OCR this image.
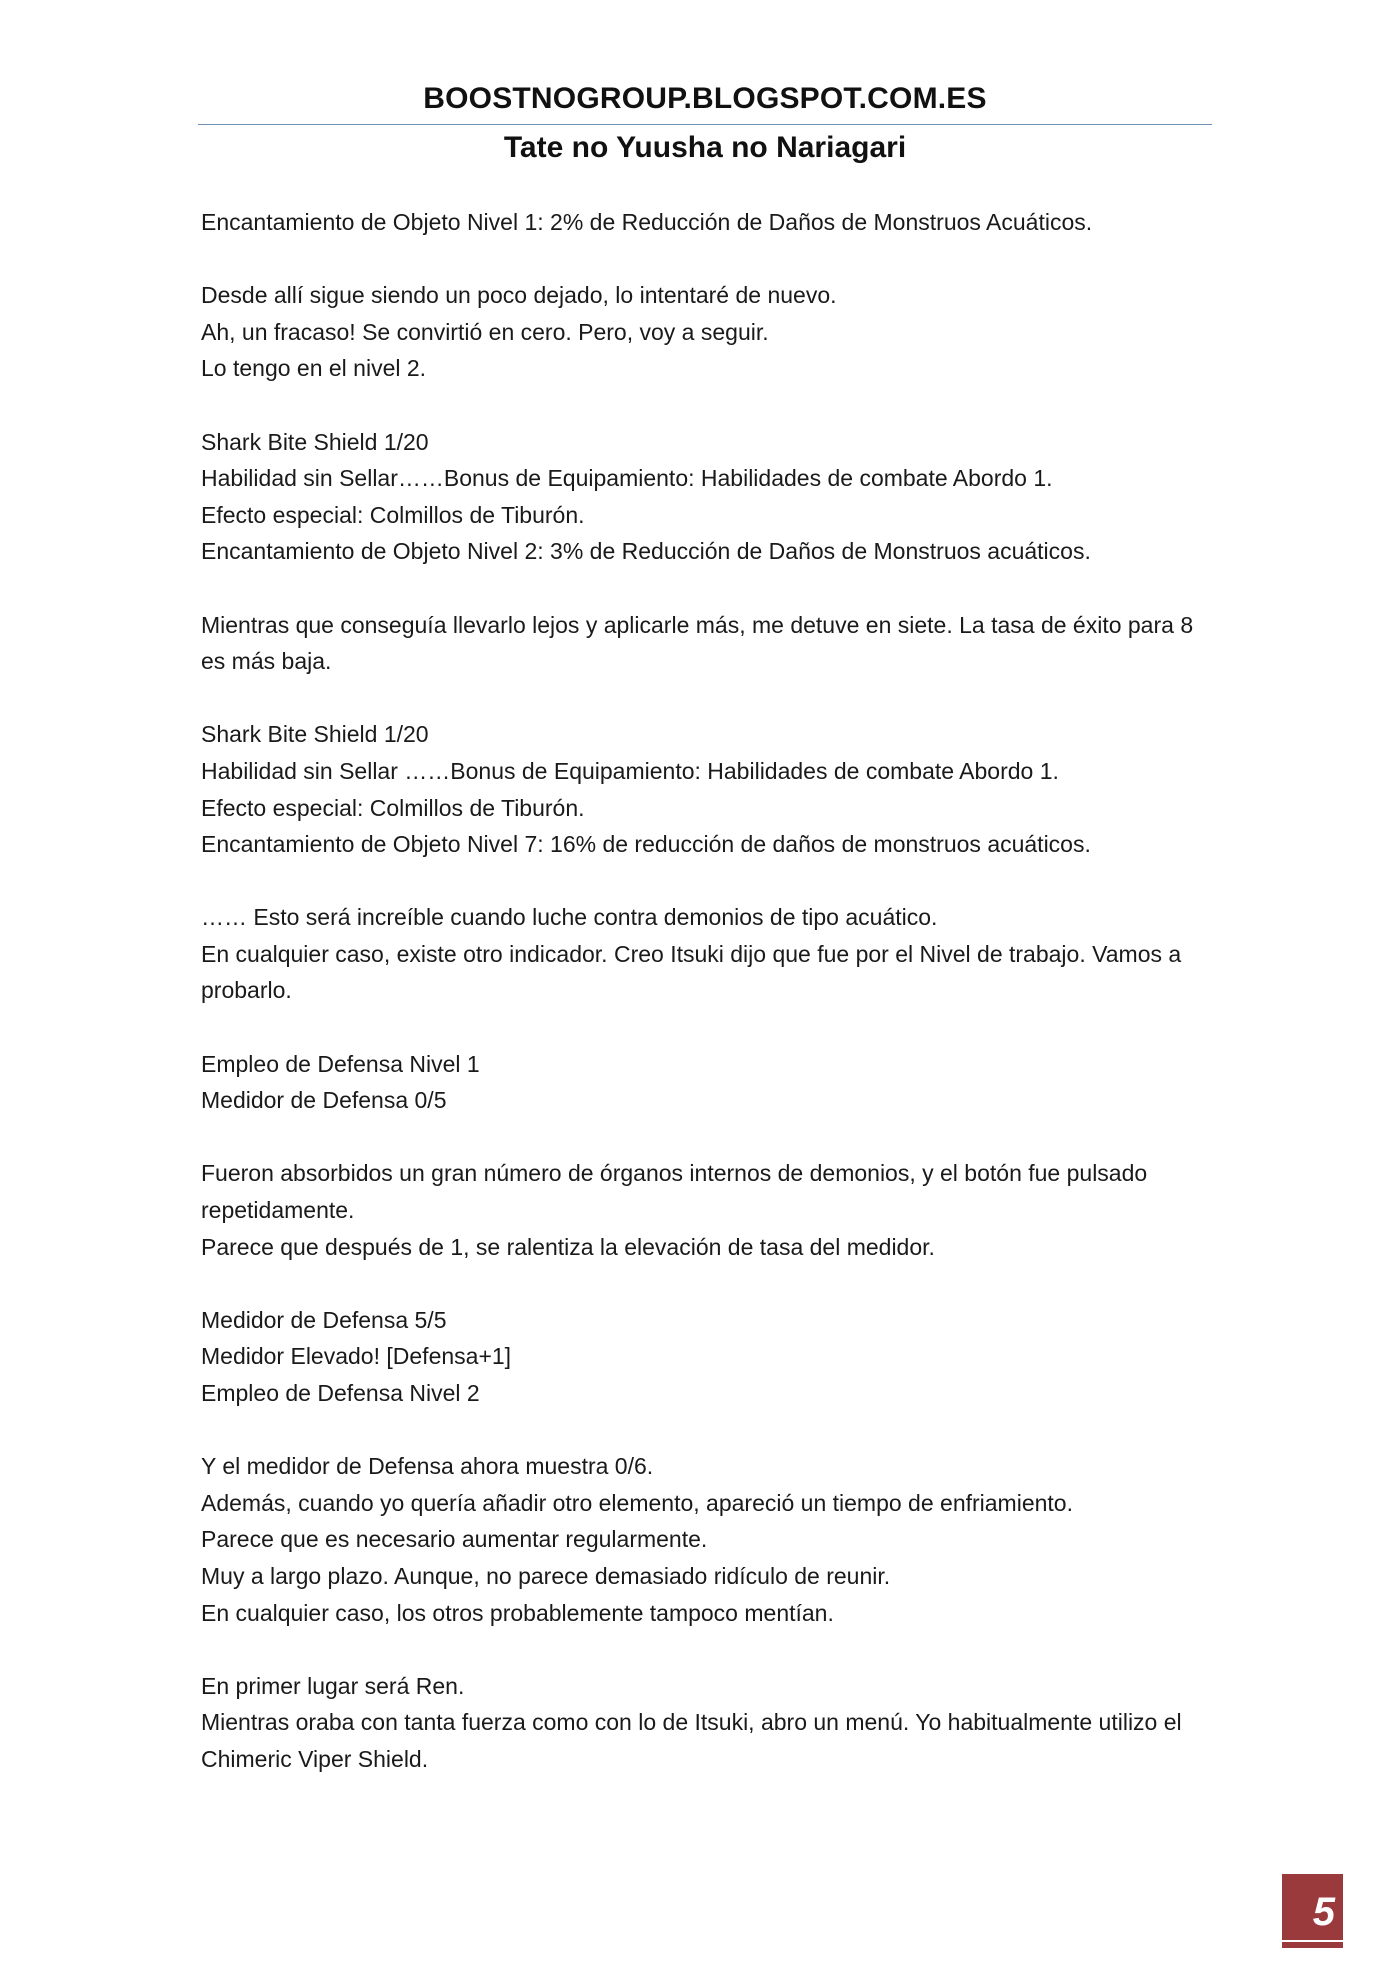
BOOSTNOGROUP.BLOGSPOT.COM.ES
Tate no Yuusha no Nariagari

Encantamiento de Objeto Nivel 1: 2% de Reducción de Daños de Monstruos Acuáticos.

Desde allí sigue siendo un poco dejado, lo intentaré de nuevo.
Ah, un fracaso! Se convirtió en cero. Pero, voy a seguir.
Lo tengo en el nivel 2.

Shark Bite Shield 1/20
Habilidad sin Sellar……Bonus de Equipamiento: Habilidades de combate Abordo 1.
Efecto especial: Colmillos de Tiburón.
Encantamiento de Objeto Nivel 2: 3% de Reducción de Daños de Monstruos acuáticos.

Mientras que conseguía llevarlo lejos y aplicarle más, me detuve en siete. La tasa de éxito para 8 es más baja.

Shark Bite Shield 1/20
Habilidad sin Sellar ……Bonus de Equipamiento: Habilidades de combate Abordo 1.
Efecto especial: Colmillos de Tiburón.
Encantamiento de Objeto Nivel 7: 16% de reducción de daños de monstruos acuáticos.

…… Esto será increíble cuando luche contra demonios de tipo acuático.
En cualquier caso, existe otro indicador. Creo Itsuki dijo que fue por el Nivel de trabajo. Vamos a probarlo.

Empleo de Defensa Nivel 1
Medidor de Defensa 0/5

Fueron absorbidos un gran número de órganos internos de demonios, y el botón fue pulsado repetidamente.
Parece que después de 1, se ralentiza la elevación de tasa del medidor.

Medidor de Defensa 5/5
Medidor Elevado! [Defensa+1]
Empleo de Defensa Nivel 2

Y el medidor de Defensa ahora muestra 0/6.
Además, cuando yo quería añadir otro elemento, apareció un tiempo de enfriamiento.
Parece que es necesario aumentar regularmente.
Muy a largo plazo. Aunque, no parece demasiado ridículo de reunir.
En cualquier caso, los otros probablemente tampoco mentían.

En primer lugar será Ren.
Mientras oraba con tanta fuerza como con lo de Itsuki, abro un menú. Yo habitualmente utilizo el Chimeric Viper Shield.

5
